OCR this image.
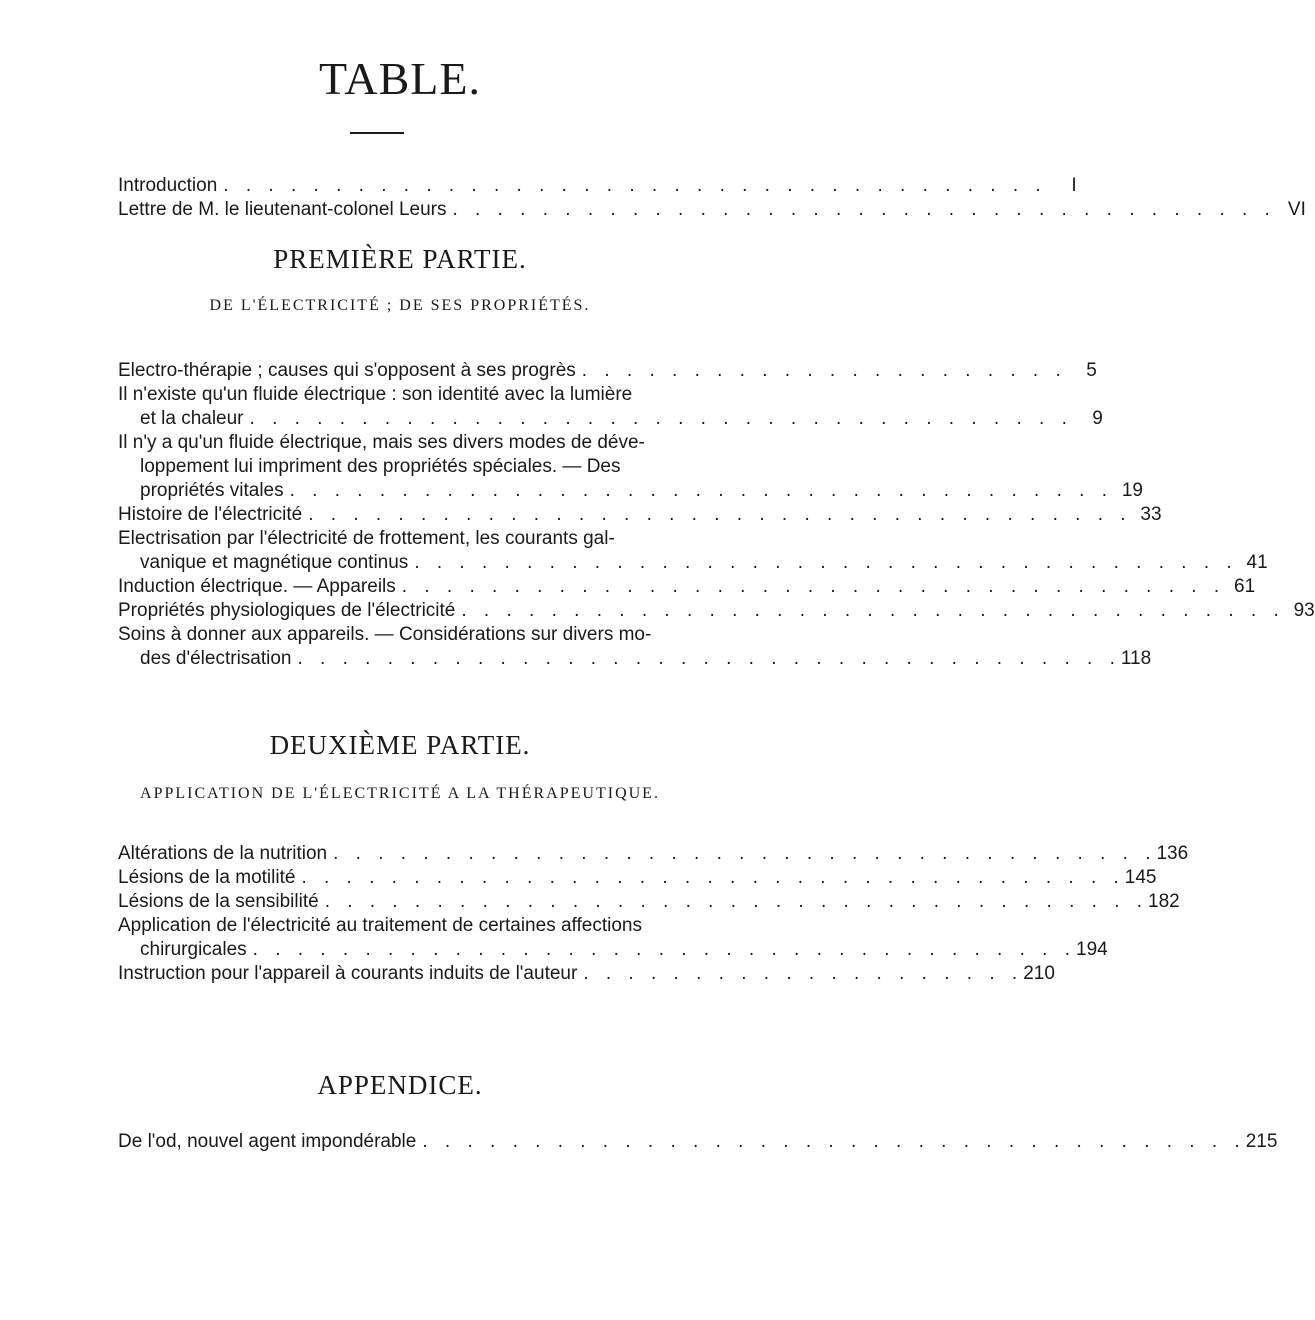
TABLE.
Introduction . . . . . . . . . . . . . . . . . . . . . . . . . . . . . . . . . . . . .	I
Lettre de M. le lieutenant-colonel Leurs . . . . . . . . . . . . . . . . . . . . . . . . . . . . . . . . . . . . . VI
PREMIÈRE PARTIE.
DE L'ÉLECTRICITÉ ; DE SES PROPRIÉTÉS.
Electro-thérapie ; causes qui s'opposent à ses progrès . . . . . . . . . . . . . . . . . . . . . .	5
Il n'existe qu'un fluide électrique : son identité avec la lumière
et la chaleur . . . . . . . . . . . . . . . . . . . . . . . . . . . . . . . . . . . . .	9
Il n'y a qu'un fluide électrique, mais ses divers modes de déve-
loppement lui impriment des propriétés spéciales. — Des
propriétés vitales . . . . . . . . . . . . . . . . . . . . . . . . . . . . . . . . . . . . . 19
Histoire de l'électricité . . . . . . . . . . . . . . . . . . . . . . . . . . . . . . . . . . . . . 33
Electrisation par l'électricité de frottement, les courants gal-
vanique et magnétique continus . . . . . . . . . . . . . . . . . . . . . . . . . . . . . . . . . . . . . 41
Induction électrique. — Appareils . . . . . . . . . . . . . . . . . . . . . . . . . . . . . . . . . . . . . 61
Propriétés physiologiques de l'électricité . . . . . . . . . . . . . . . . . . . . . . . . . . . . . . . . . . . . . 93
Soins à donner aux appareils. — Considérations sur divers mo-
des d'électrisation . . . . . . . . . . . . . . . . . . . . . . . . . . . . . . . . . . . . . 118
DEUXIÈME PARTIE.
APPLICATION DE L'ÉLECTRICITÉ A LA THÉRAPEUTIQUE.
Altérations de la nutrition . . . . . . . . . . . . . . . . . . . . . . . . . . . . . . . . . . . . . 136
Lésions de la motilité . . . . . . . . . . . . . . . . . . . . . . . . . . . . . . . . . . . . . 145
Lésions de la sensibilité . . . . . . . . . . . . . . . . . . . . . . . . . . . . . . . . . . . . . 182
Application de l'électricité au traitement de certaines affections
chirurgicales . . . . . . . . . . . . . . . . . . . . . . . . . . . . . . . . . . . . . 194
Instruction pour l'appareil à courants induits de l'auteur . . . . . . . . . . . . . . . . . . . . 210
APPENDICE.
De l'od, nouvel agent impondérable . . . . . . . . . . . . . . . . . . . . . . . . . . . . . . . . . . . . . 215
